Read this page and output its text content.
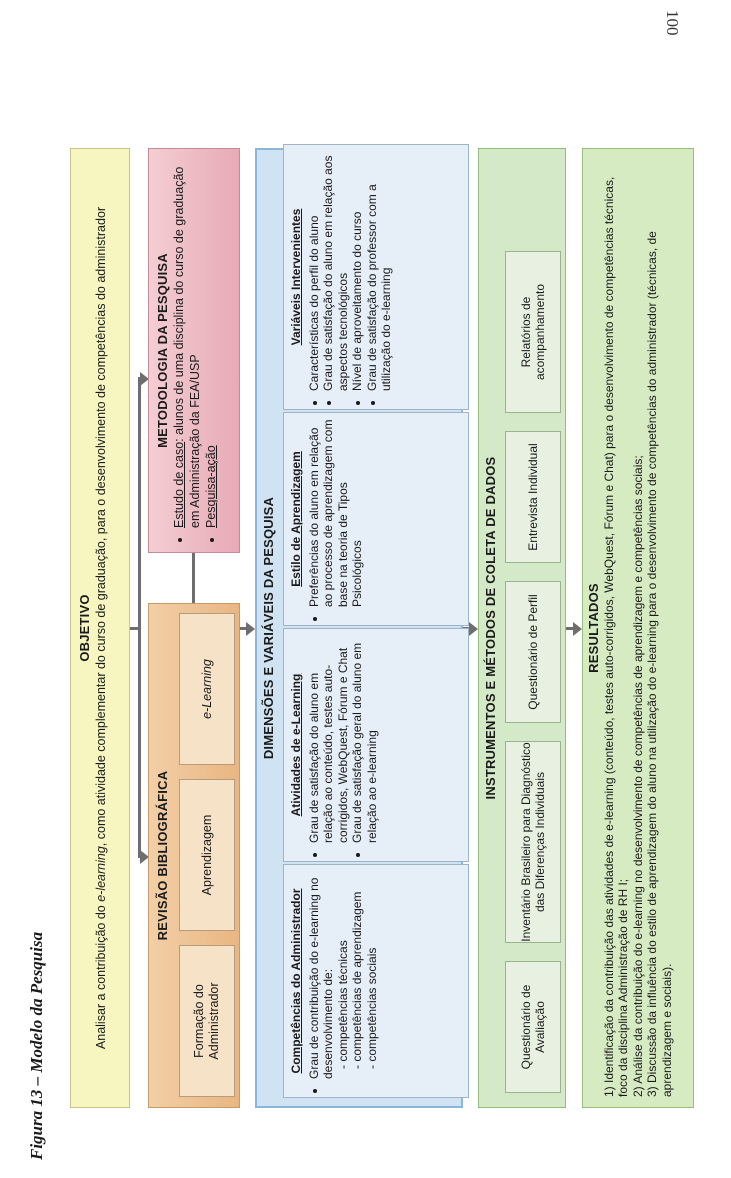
100
Figura 13 – Modelo da Pesquisa
OBJETIVO
Analisar a contribuição do e-learning, como atividade complementar do curso de graduação, para o desenvolvimento de competências do administrador
REVISÃO BIBLIOGRÁFICA
Formação do Administrador
Aprendizagem
e-Learning
METODOLOGIA DA PESQUISA
• Estudo de caso: alunos de uma disciplina do curso de graduação em Administração da FEA/USP • Pesquisa-ação
DIMENSÕES E VARIÁVEIS DA PESQUISA
Competências do Administrador • Grau de contribuição do e-learning no desenvolvimento de: - competências técnicas - competências de aprendizagem - competências sociais
Atividades de e-Learning • Grau de satisfação do aluno em relação ao conteúdo, testes auto-corrigidos, WebQuest, Fórum e Chat • Grau de satisfação geral do aluno em relação ao e-learning
Estilo de Aprendizagem • Preferências do aluno em relação ao processo de aprendizagem com base na teoria de Tipos Psicológicos
Variáveis Intervenientes • Características do perfil do aluno • Grau de satisfação do aluno em relação aos aspectos tecnológicos • Nível de aproveitamento do curso • Grau de satisfação do professor com a utilização do e-learning
INSTRUMENTOS E MÉTODOS DE COLETA DE DADOS
Questionário de Avaliação
Inventário Brasileiro para Diagnóstico das Diferenças Individuais
Questionário de Perfil
Entrevista Individual
Relatórios de acompanhamento
RESULTADOS 1) Identificação da contribuição das atividades de e-learning (conteúdo, testes auto-corrigidos, WebQuest, Fórum e Chat) para o desenvolvimento de competências técnicas, foco da disciplina Administração de RH I; 2) Análise da contribuição do e-learning no desenvolvimento de competências de aprendizagem e competências sociais; 3) Discussão da influência do estilo de aprendizagem do aluno na utilização do e-learning para o desenvolvimento de competências do administrador (técnicas, de aprendizagem e sociais).
